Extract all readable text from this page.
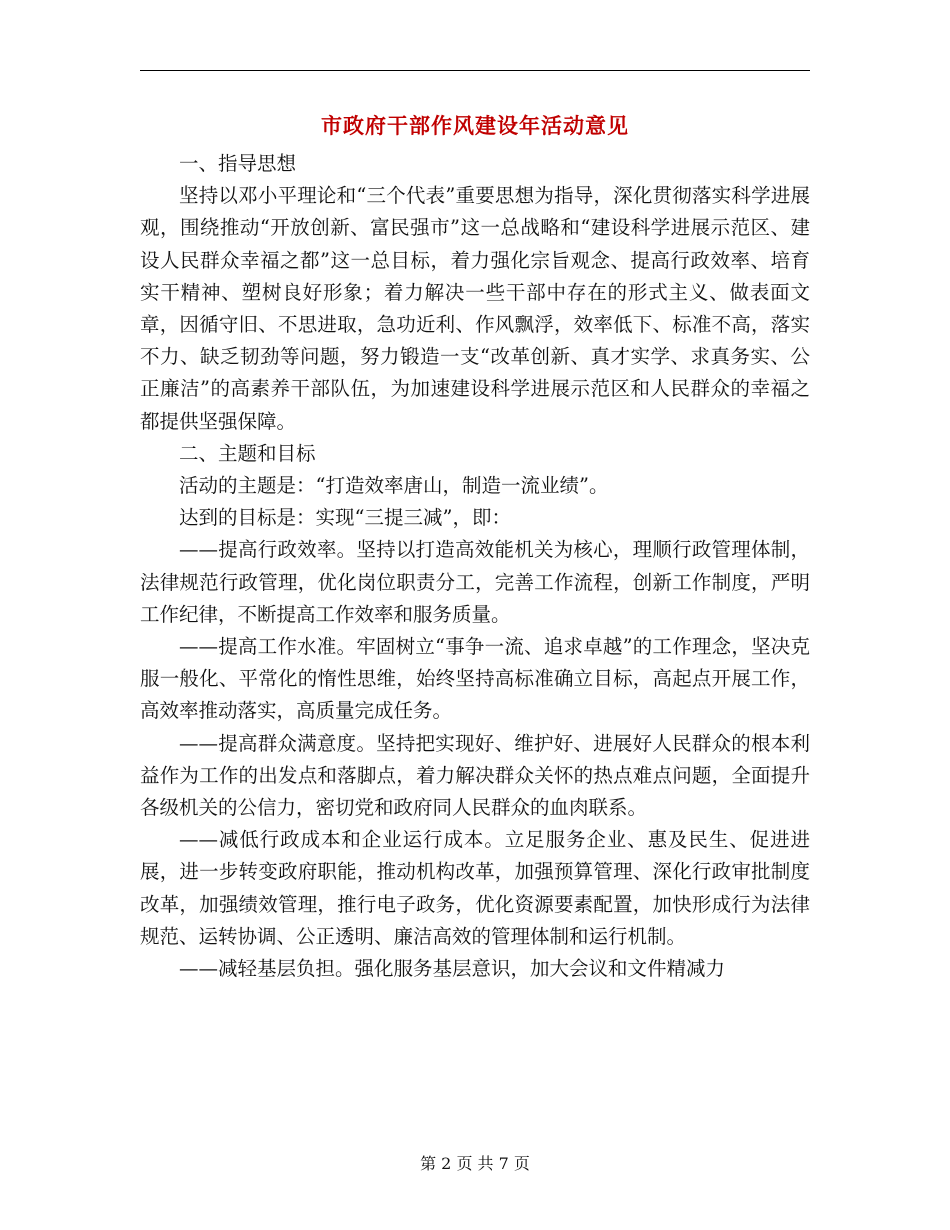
市政府干部作风建设年活动意见

一、指导思想

坚持以邓小平理论和“三个代表”重要思想为指导，深化贯彻落实科学进展观，围绕推动“开放创新、富民强市”这一总战略和“建设科学进展示范区、建设人民群众幸福之都”这一总目标，着力强化宗旨观念、提高行政效率、培育实干精神、塑树良好形象；着力解决一些干部中存在的形式主义、做表面文章，因循守旧、不思进取，急功近利、作风飘浮，效率低下、标准不高，落实不力、缺乏韧劲等问题，努力锻造一支“改革创新、真才实学、求真务实、公正廉洁”的高素养干部队伍，为加速建设科学进展示范区和人民群众的幸福之都提供坚强保障。

二、主题和目标

活动的主题是：“打造效率唐山，制造一流业绩”。

达到的目标是：实现“三提三减”，即：

——提高行政效率。坚持以打造高效能机关为核心，理顺行政管理体制，法律规范行政管理，优化岗位职责分工，完善工作流程，创新工作制度，严明工作纪律，不断提高工作效率和服务质量。

——提高工作水准。牢固树立“事争一流、追求卓越”的工作理念，坚决克服一般化、平常化的惰性思维，始终坚持高标准确立目标，高起点开展工作，高效率推动落实，高质量完成任务。

——提高群众满意度。坚持把实现好、维护好、进展好人民群众的根本利益作为工作的出发点和落脚点，着力解决群众关怀的热点难点问题，全面提升各级机关的公信力，密切党和政府同人民群众的血肉联系。

——减低行政成本和企业运行成本。立足服务企业、惠及民生、促进进展，进一步转变政府职能，推动机构改革，加强预算管理、深化行政审批制度改革，加强绩效管理，推行电子政务，优化资源要素配置，加快形成行为法律规范、运转协调、公正透明、廉洁高效的管理体制和运行机制。

——减轻基层负担。强化服务基层意识，加大会议和文件精减力

第 2 页 共 7 页
